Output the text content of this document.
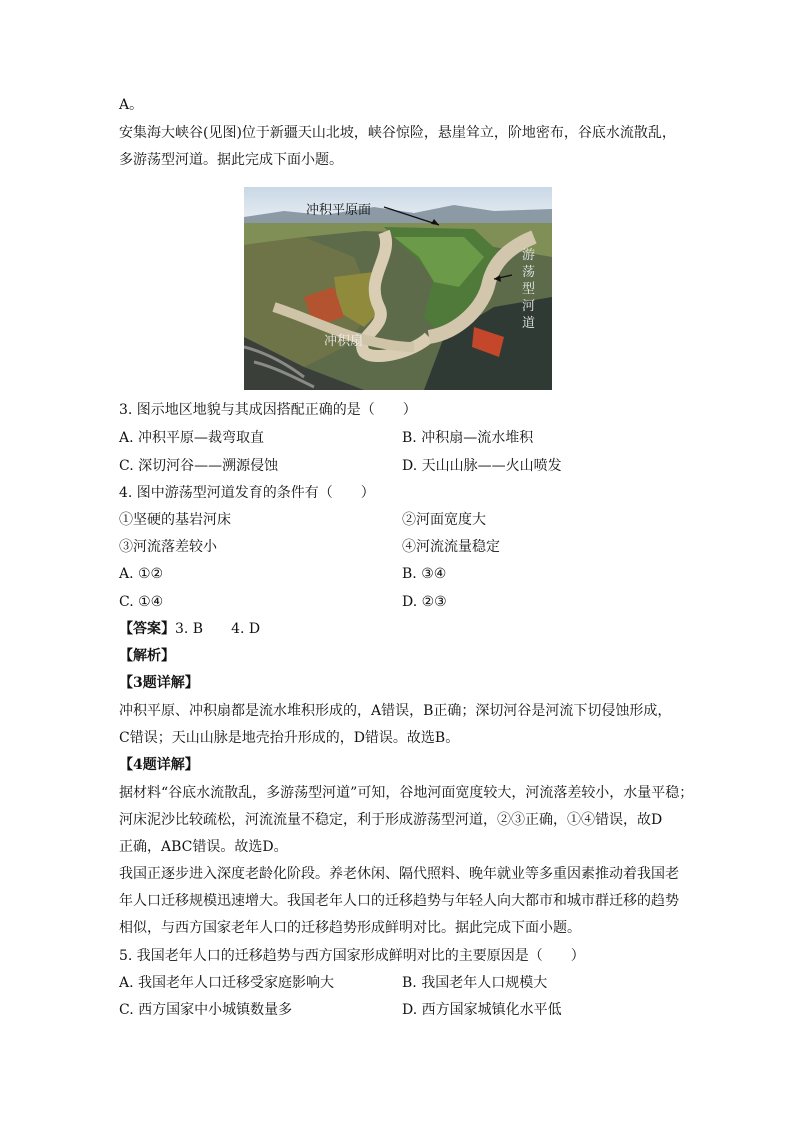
A。
安集海大峡谷(见图)位于新疆天山北坡，峡谷惊险，悬崖耸立，阶地密布，谷底水流散乱，
多游荡型河道。据此完成下面小题。
冲积平原面
游荡型河道
冲积扇
3. 图示地区地貌与其成因搭配正确的是（　　）
A. 冲积平原—裁弯取直	B. 冲积扇—流水堆积
C. 深切河谷——溯源侵蚀	D. 天山山脉——火山喷发
4. 图中游荡型河道发育的条件有（　　）
①坚硬的基岩河床	②河面宽度大
③河流落差较小	④河流流量稳定
A. ①②	B. ③④
C. ①④	D. ②③
【答案】3. B　　4. D
【解析】
【3题详解】
冲积平原、冲积扇都是流水堆积形成的，A错误，B正确；深切河谷是河流下切侵蚀形成，
C错误；天山山脉是地壳抬升形成的，D错误。故选B。
【4题详解】
据材料“谷底水流散乱，多游荡型河道”可知，谷地河面宽度较大，河流落差较小，水量平稳；
河床泥沙比较疏松，河流流量不稳定，利于形成游荡型河道，②③正确，①④错误，故D
正确，ABC错误。故选D。
我国正逐步进入深度老龄化阶段。养老休闲、隔代照料、晚年就业等多重因素推动着我国老
年人口迁移规模迅速增大。我国老年人口的迁移趋势与年轻人向大都市和城市群迁移的趋势
相似，与西方国家老年人口的迁移趋势形成鲜明对比。据此完成下面小题。
5. 我国老年人口的迁移趋势与西方国家形成鲜明对比的主要原因是（　　）
A. 我国老年人口迁移受家庭影响大	B. 我国老年人口规模大
C. 西方国家中小城镇数量多	D. 西方国家城镇化水平低
